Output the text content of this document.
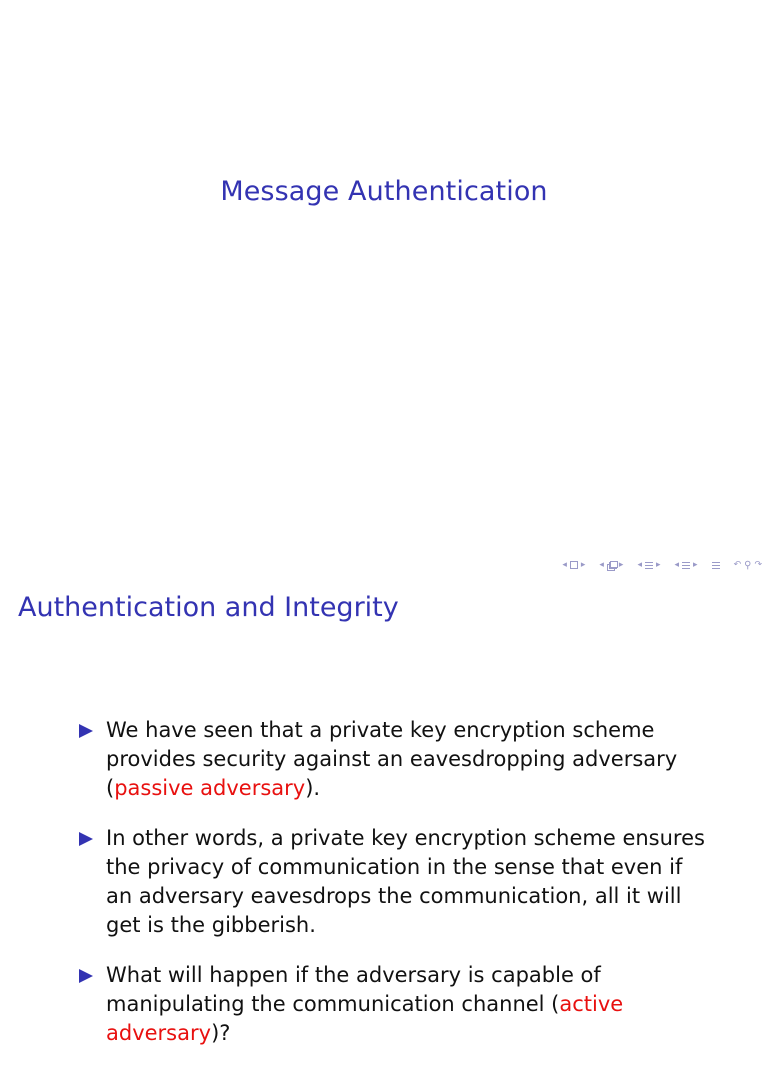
Message Authentication
◂ ▸ ◂ ▸ ◂ ▸ ◂ ▸	↶ ⚲ ↷
Authentication and Integrity
We have seen that a private key encryption scheme provides security against an eavesdropping adversary (passive adversary).
In other words, a private key encryption scheme ensures the privacy of communication in the sense that even if an adversary eavesdrops the communication, all it will get is the gibberish.
What will happen if the adversary is capable of manipulating the communication channel (active adversary)?
